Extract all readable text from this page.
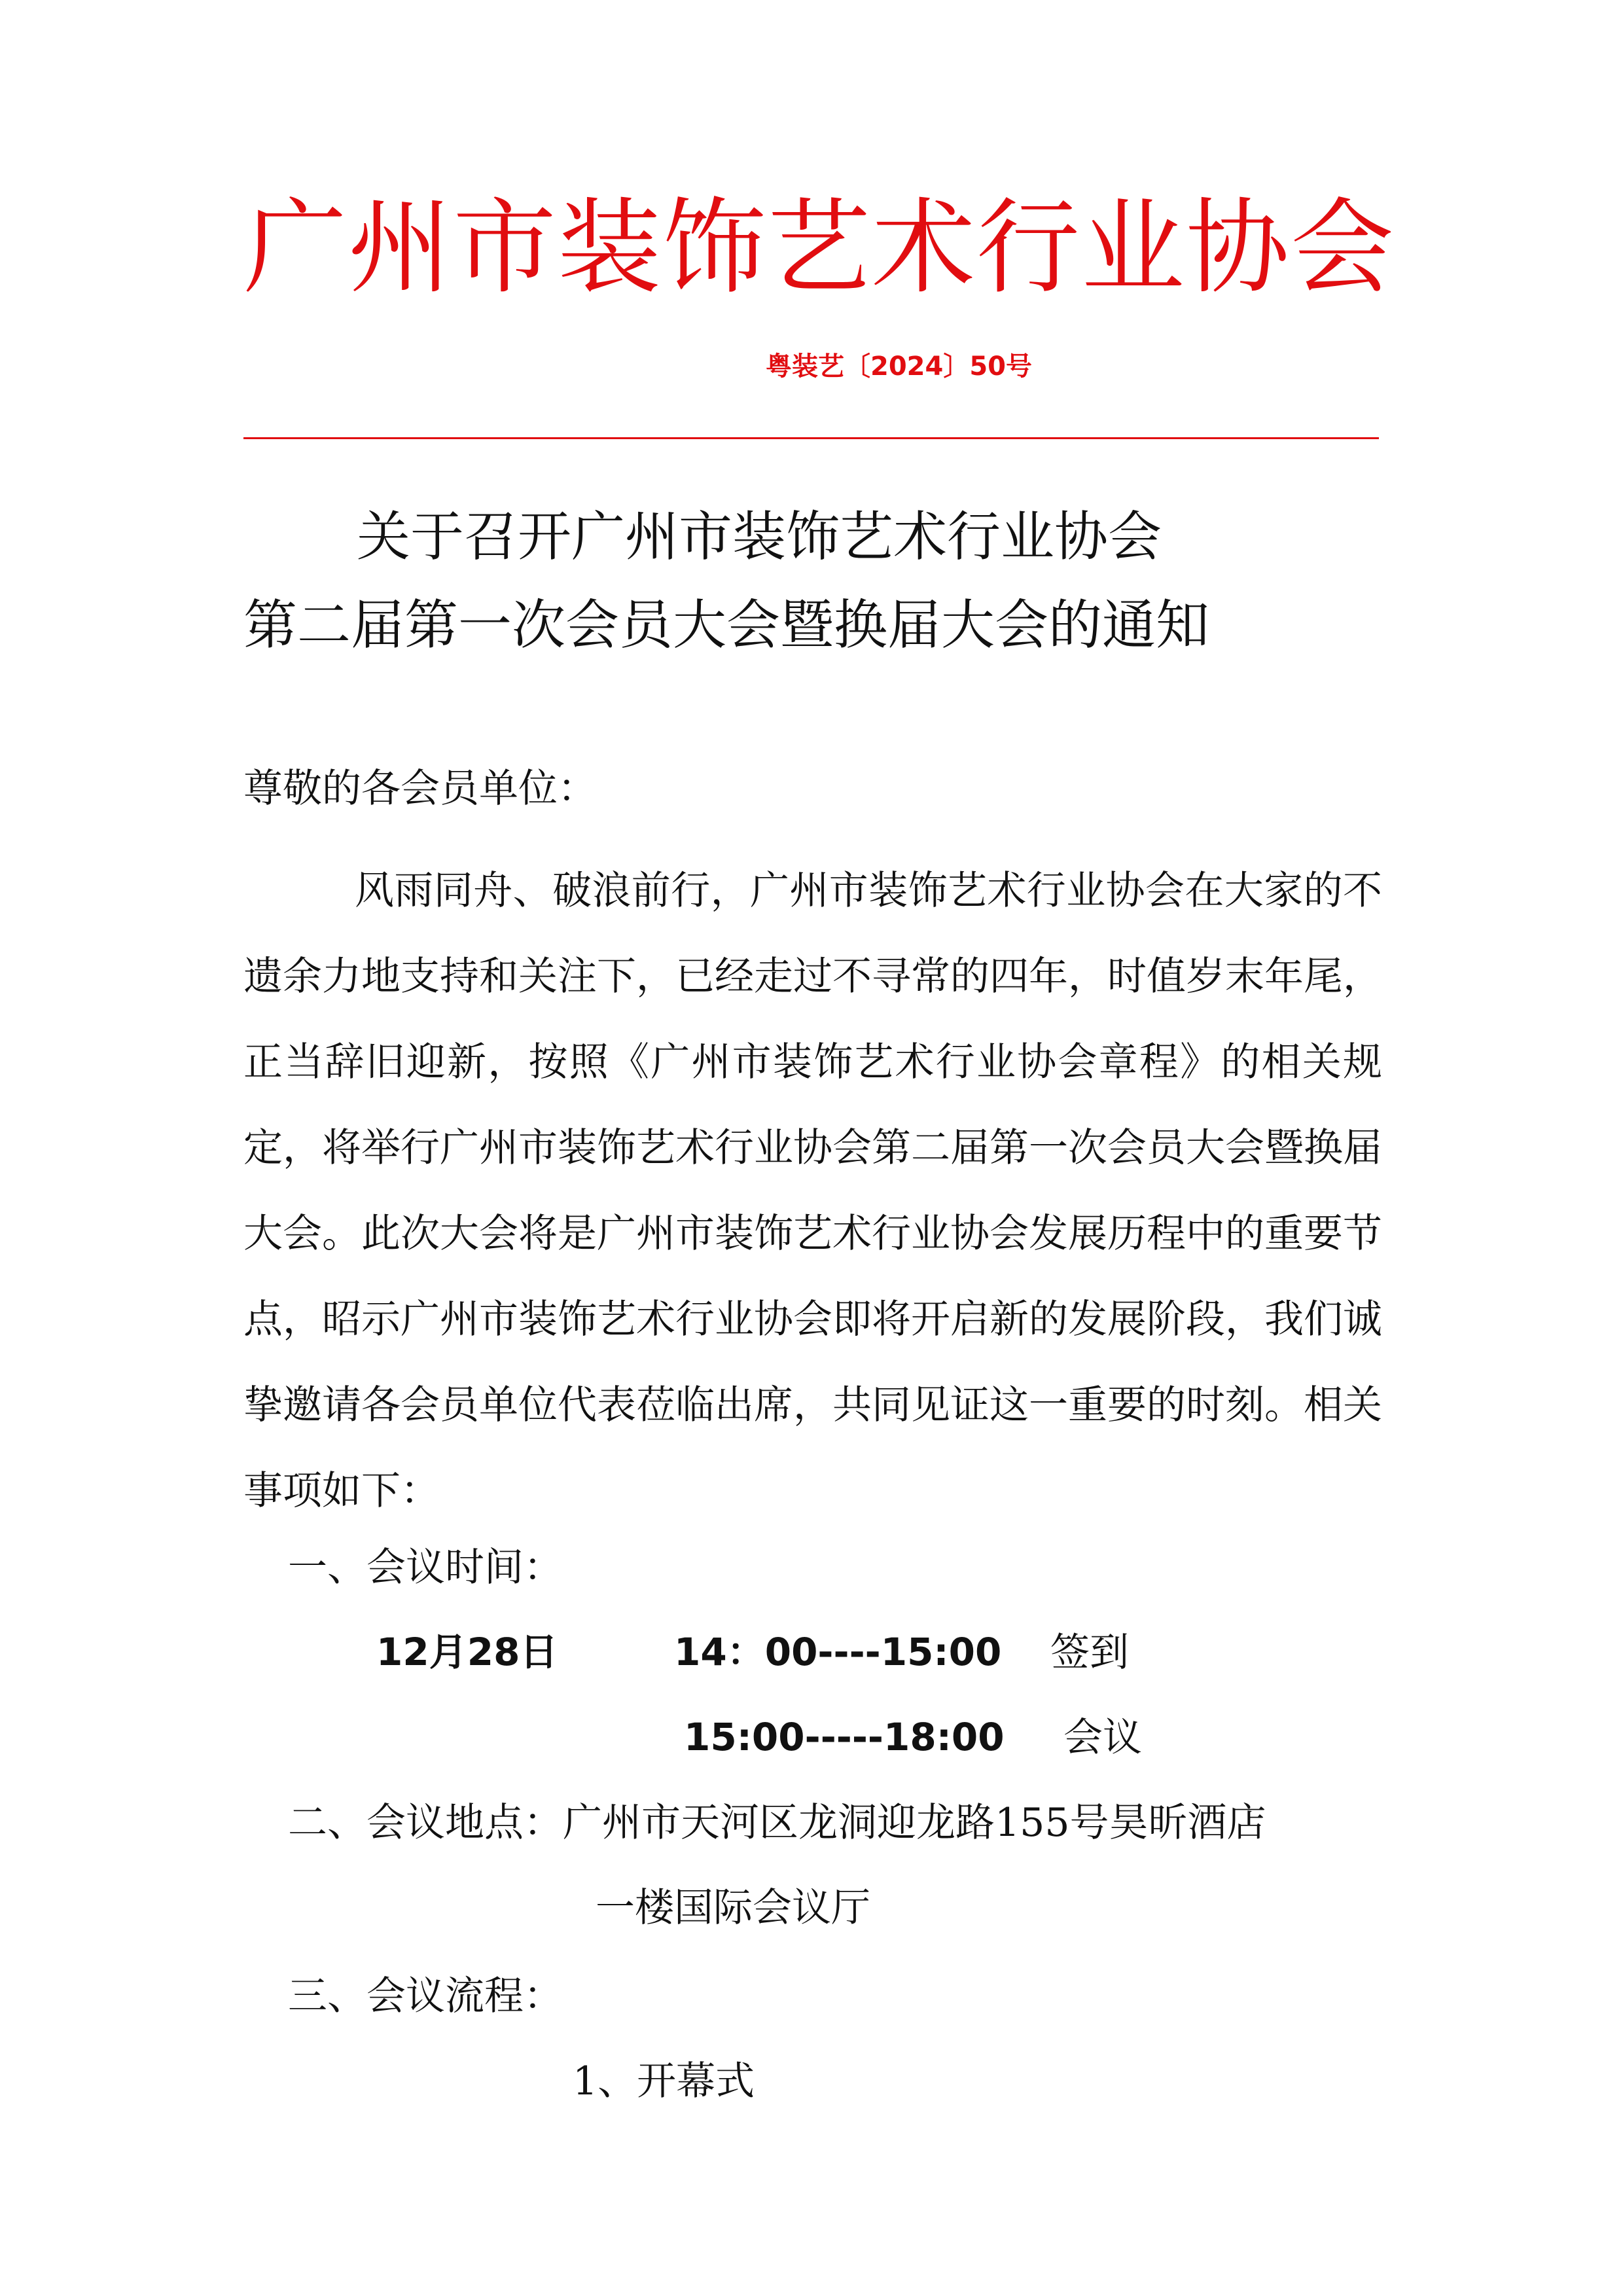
广州市装饰艺术行业协会
粤装艺〔2024〕50号
关于召开广州市装饰艺术行业协会
第二届第一次会员大会暨换届大会的通知
尊敬的各会员单位：
风雨同舟、破浪前行，广州市装饰艺术行业协会在大家的不遗余力地支持和关注下，已经走过不寻常的四年，时值岁末年尾，正当辞旧迎新，按照《广州市装饰艺术行业协会章程》的相关规定，将举行广州市装饰艺术行业协会第二届第一次会员大会暨换届大会。此次大会将是广州市装饰艺术行业协会发展历程中的重要节点，昭示广州市装饰艺术行业协会即将开启新的发展阶段，我们诚挚邀请各会员单位代表莅临出席，共同见证这一重要的时刻。相关事项如下：
一、会议时间：
12月28日	14：00----15:00 签到
15:00-----18:00 会议
二、会议地点：广州市天河区龙洞迎龙路155号昊昕酒店
一楼国际会议厅
三、会议流程：
1、开幕式
